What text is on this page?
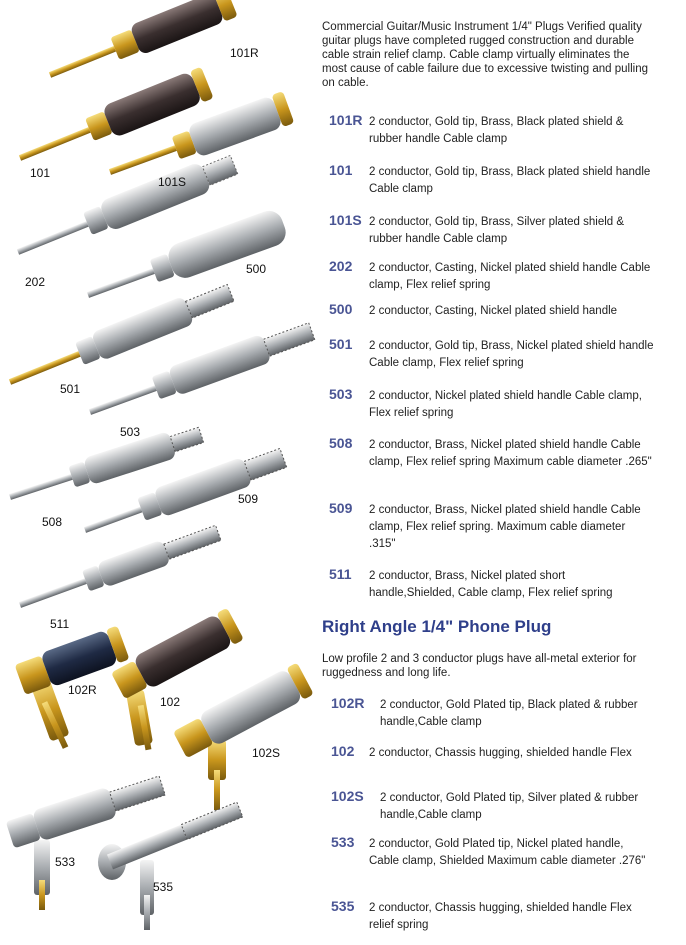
101R
101
101S
202
500
501
503
508
509
511
102R
102
102S
533
535
Commercial Guitar/Music Instrument 1/4" Plugs Verified quality guitar plugs have completed rugged construction and durable cable strain relief clamp. Cable clamp virtually eliminates the most cause of cable failure due to excessive twisting and pulling on cable.
101R 2 conductor, Gold tip, Brass, Black plated shield & rubber handle Cable clamp
101 2 conductor, Gold tip, Brass, Black plated shield handle Cable clamp
101S 2 conductor, Gold tip, Brass, Silver plated shield & rubber handle Cable clamp
202 2 conductor, Casting, Nickel plated shield handle Cable clamp, Flex relief spring
500 2 conductor, Casting, Nickel plated shield handle
501 2 conductor, Gold tip, Brass, Nickel plated shield handle Cable clamp, Flex relief spring
503 2 conductor, Nickel plated shield handle Cable clamp, Flex relief spring
508 2 conductor, Brass, Nickel plated shield handle Cable clamp, Flex relief spring Maximum cable diameter .265"
509 2 conductor, Brass, Nickel plated shield handle Cable clamp, Flex relief spring. Maximum cable diameter .315"
511 2 conductor, Brass, Nickel plated short handle,Shielded, Cable clamp, Flex relief spring
Right Angle 1/4" Phone Plug
Low profile 2 and 3 conductor plugs have all-metal exterior for ruggedness and long life.
102R 2 conductor, Gold Plated tip, Black plated & rubber handle,Cable clamp
102 2 conductor, Chassis hugging, shielded handle Flex
102S 2 conductor, Gold Plated tip, Silver plated & rubber handle,Cable clamp
533 2 conductor, Gold Plated tip, Nickel plated handle, Cable clamp, Shielded Maximum cable diameter .276"
535 2 conductor, Chassis hugging, shielded handle Flex relief spring
